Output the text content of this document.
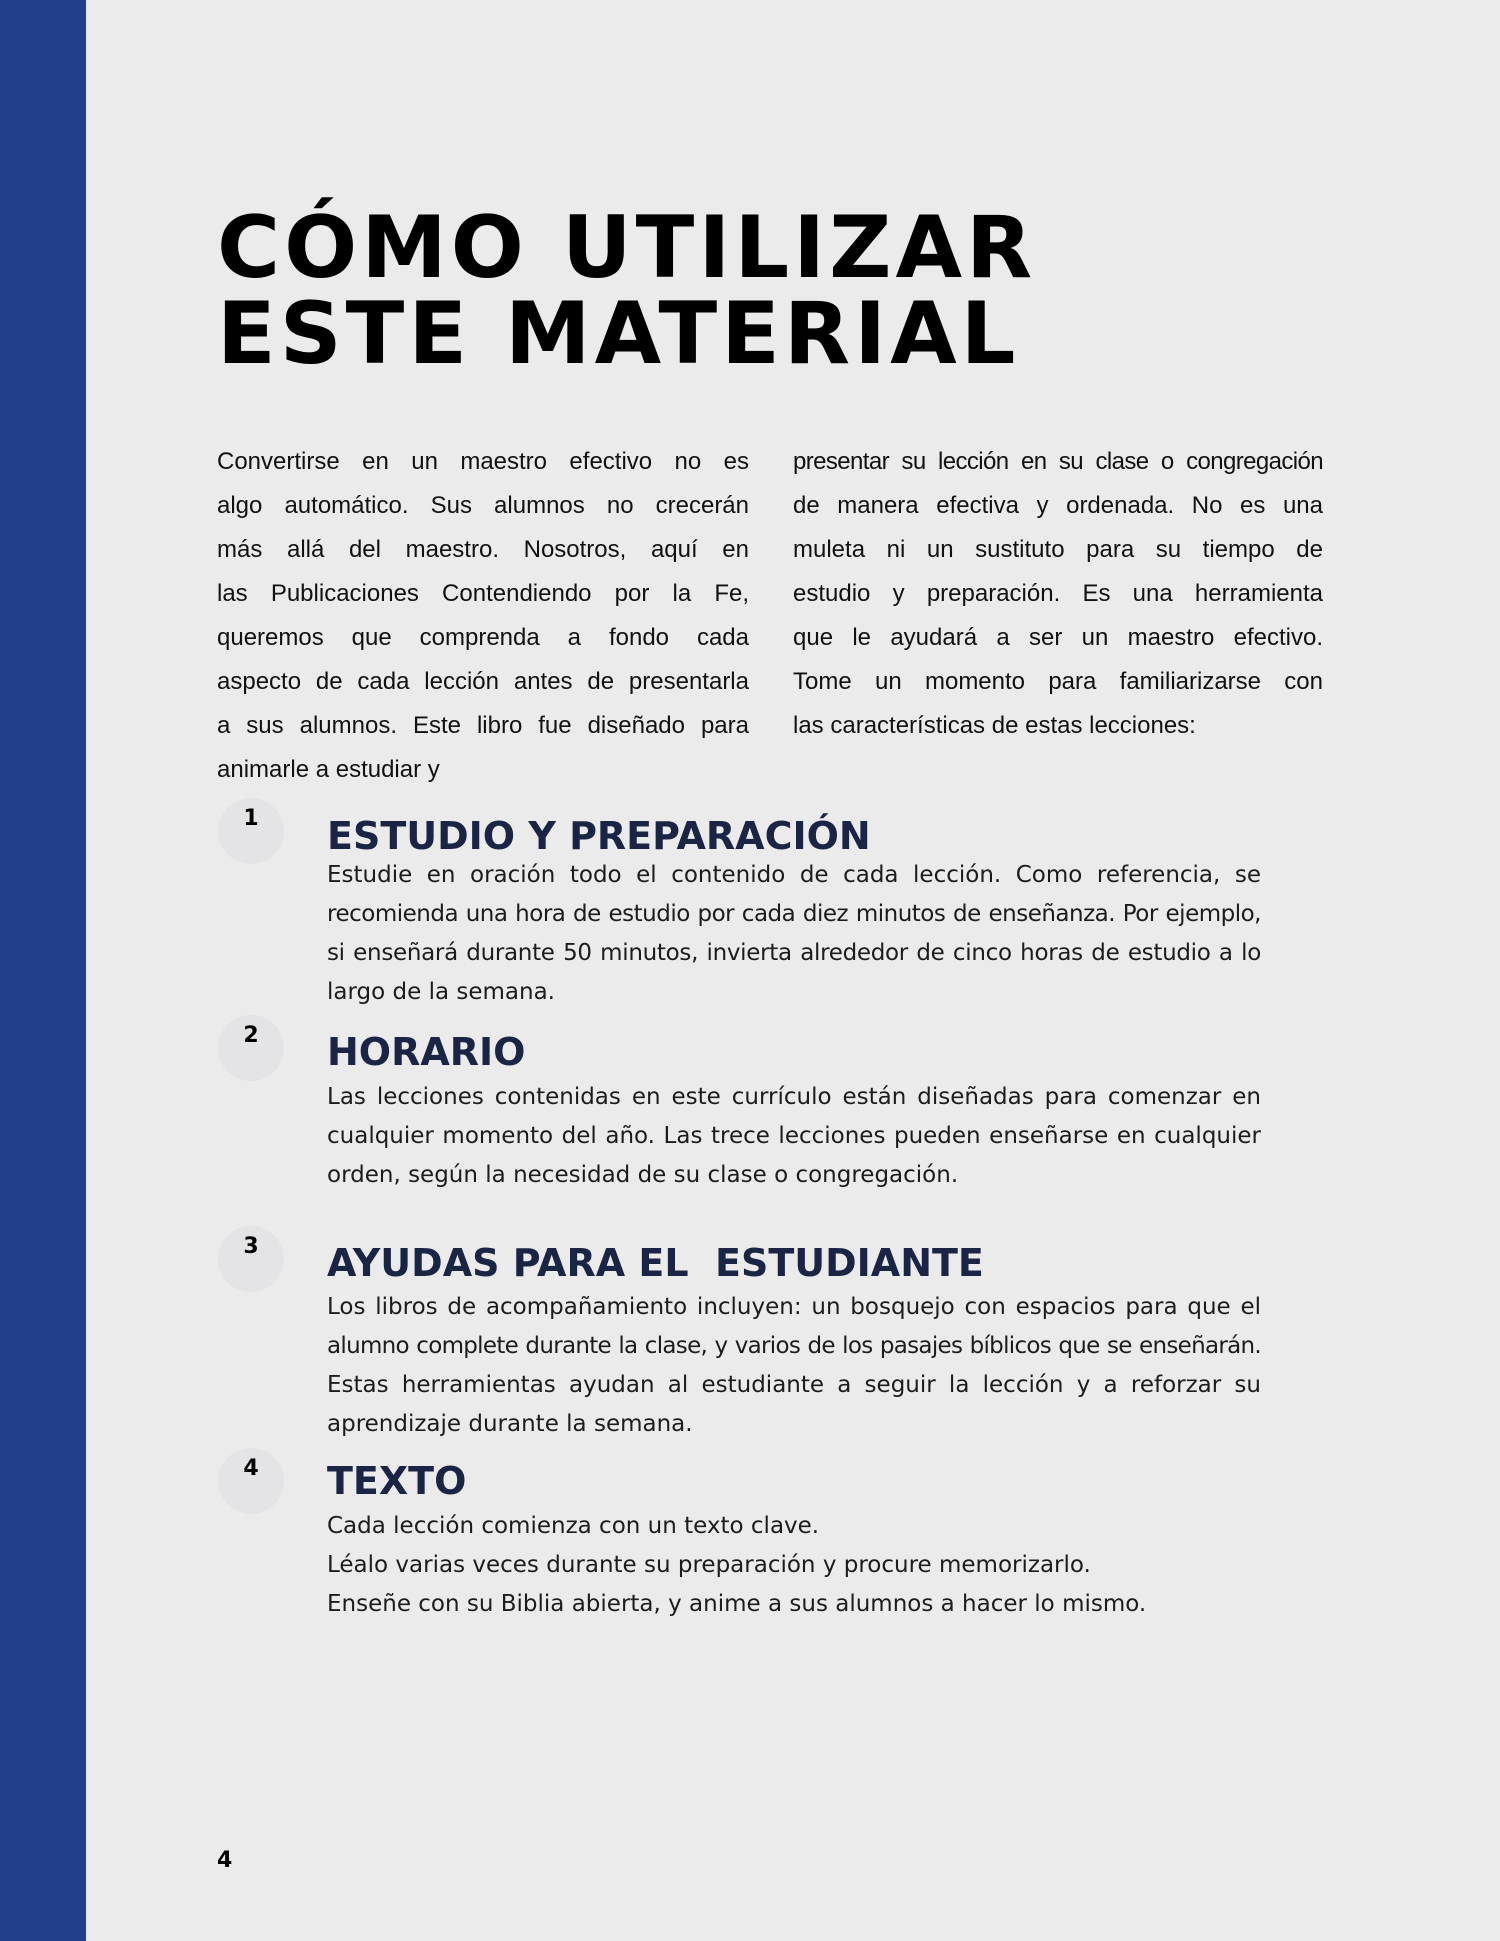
CÓMO UTILIZAR
ESTE MATERIAL
Convertirse en un maestro efectivo no es
algo automático. Sus alumnos no crecerán
más allá del maestro. Nosotros, aquí en
las Publicaciones Contendiendo por la Fe,
queremos que comprenda a fondo cada
aspecto de cada lección antes de presentarla
a sus alumnos. Este libro fue diseñado para
animarle a estudiar y
presentar su lección en su clase o congregación
de manera efectiva y ordenada. No es una
muleta ni un sustituto para su tiempo de
estudio y preparación. Es una herramienta
que le ayudará a ser un maestro efectivo.
Tome un momento para familiarizarse con
las características de estas lecciones:
1	ESTUDIO Y PREPARACIÓN
Estudie en oración todo el contenido de cada lección. Como referencia, se
recomienda una hora de estudio por cada diez minutos de enseñanza. Por ejemplo,
si enseñará durante 50 minutos, invierta alrededor de cinco horas de estudio a lo
largo de la semana.
2	HORARIO
Las lecciones contenidas en este currículo están diseñadas para comenzar en
cualquier momento del año. Las trece lecciones pueden enseñarse en cualquier
orden, según la necesidad de su clase o congregación.
3	AYUDAS PARA EL  ESTUDIANTE
Los libros de acompañamiento incluyen: un bosquejo con espacios para que el
alumno complete durante la clase, y varios de los pasajes bíblicos que se enseñarán.
Estas herramientas ayudan al estudiante a seguir la lección y a reforzar su
aprendizaje durante la semana.
4	TEXTO
Cada lección comienza con un texto clave.
Léalo varias veces durante su preparación y procure memorizarlo.
Enseñe con su Biblia abierta, y anime a sus alumnos a hacer lo mismo.
4
